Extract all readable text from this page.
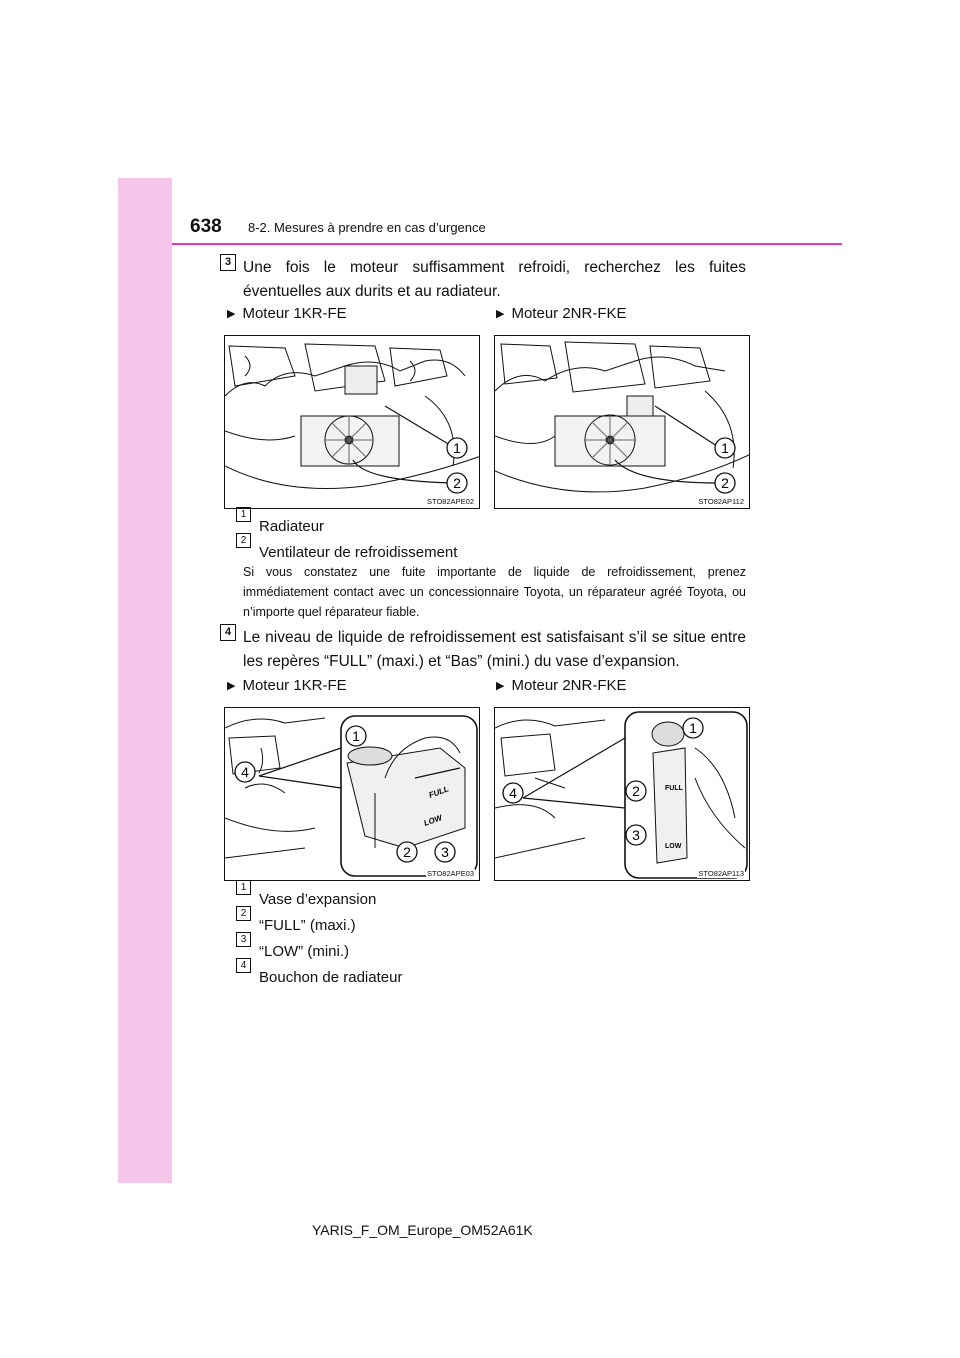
638 8-2. Mesures à prendre en cas d’urgence
3 Une fois le moteur suffisamment refroidi, recherchez les fuites éventuelles aux durits et au radiateur.
▶ Moteur 1KR-FE	▶ Moteur 2NR-FKE
1
2
STO82APE02
1
2
STO82AP112
1
Radiateur
2
Ventilateur de refroidissement
Si vous constatez une fuite importante de liquide de refroidissement, prenez immédiatement contact avec un concessionnaire Toyota, un réparateur agréé Toyota, ou n’importe quel réparateur fiable.
4 Le niveau de liquide de refroidissement est satisfaisant s’il se situe entre les repères “FULL” (maxi.) et “Bas” (mini.) du vase d’expansion.
▶ Moteur 1KR-FE	▶ Moteur 2NR-FKE
FULL
LOW
1
4
2 3
STO82APE03
FULL
LOW
1
2
3
4
STO82AP113
1
Vase d’expansion
2
“FULL” (maxi.)
3
“LOW” (mini.)
4
Bouchon de radiateur
YARIS_F_OM_Europe_OM52A61K
